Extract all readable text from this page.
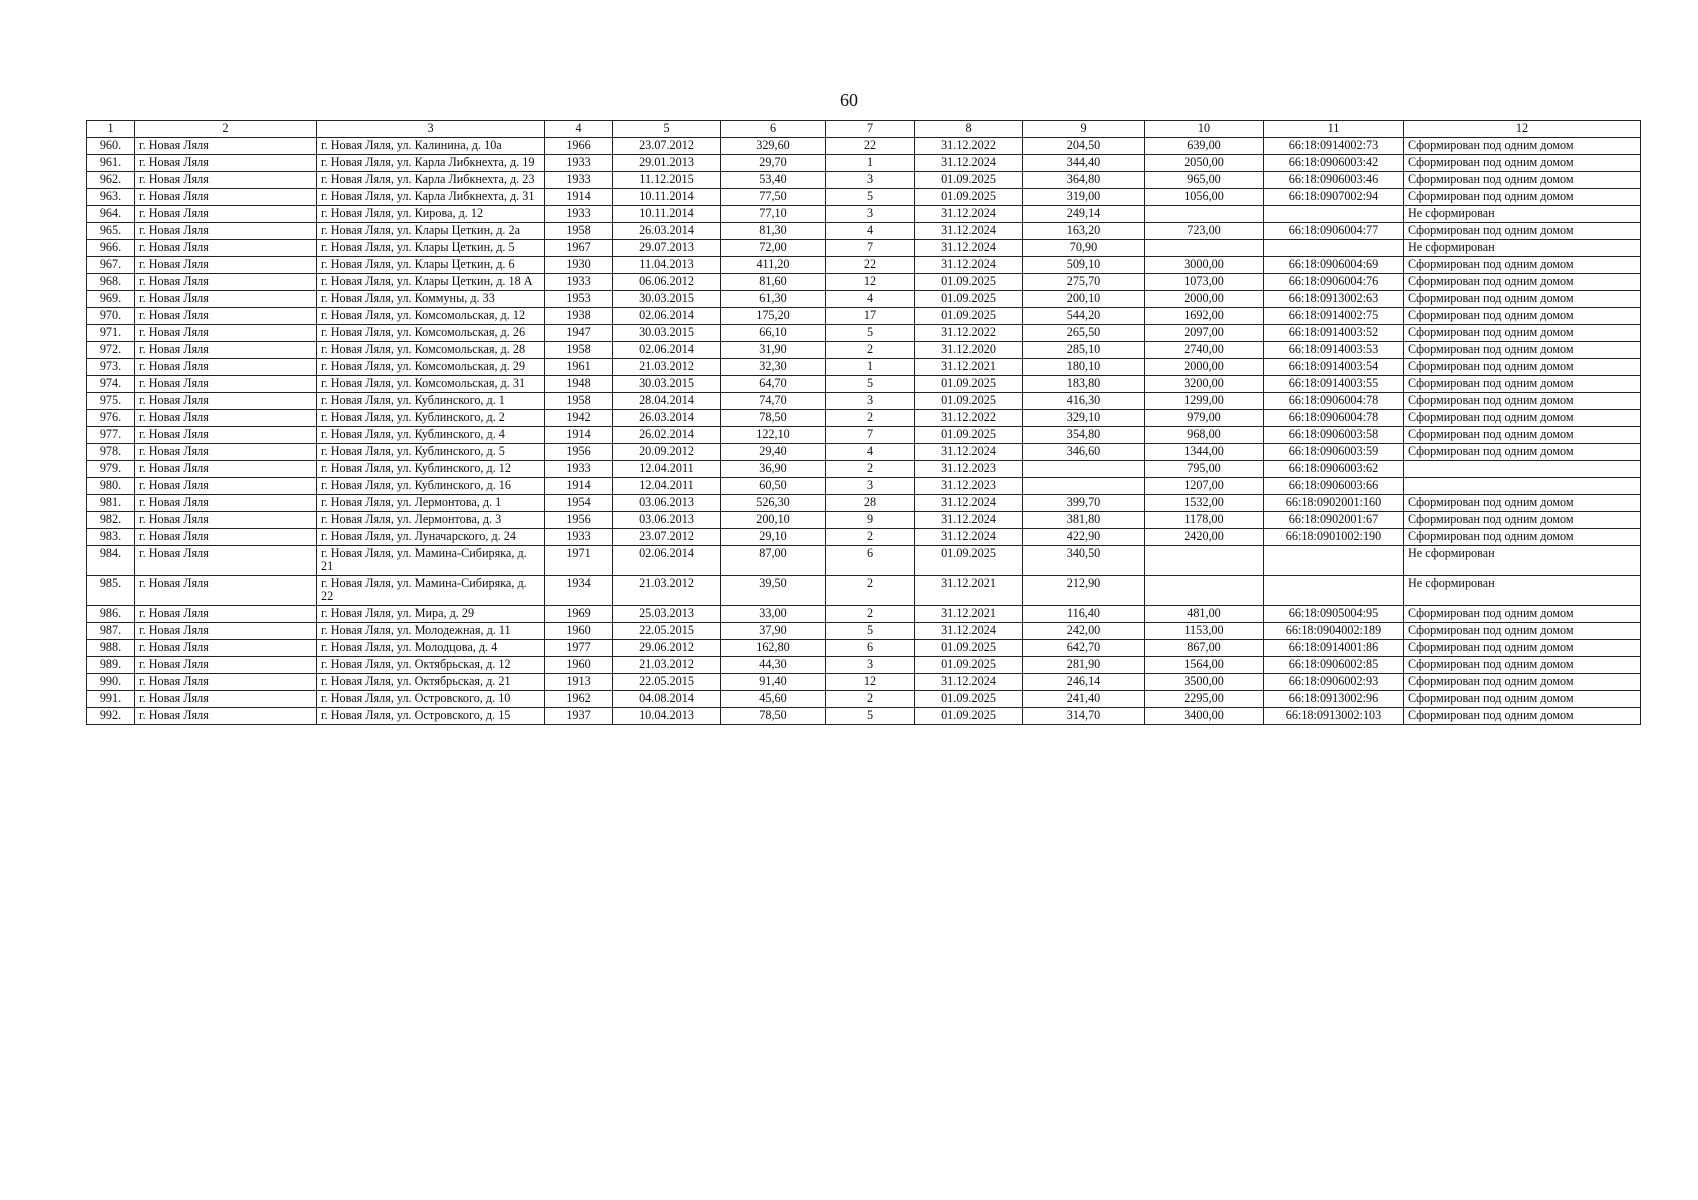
60
1	2	3	4	5	6	7	8	9	10	11	12
960.	г. Новая Ляля	г. Новая Ляля, ул. Калинина, д. 10а	1966	23.07.2012	329,60	22	31.12.2022	204,50	639,00	66:18:0914002:73	Сформирован под одним домом
961.	г. Новая Ляля	г. Новая Ляля, ул. Карла Либкнехта, д. 19	1933	29.01.2013	29,70	1	31.12.2024	344,40	2050,00	66:18:0906003:42	Сформирован под одним домом
962.	г. Новая Ляля	г. Новая Ляля, ул. Карла Либкнехта, д. 23	1933	11.12.2015	53,40	3	01.09.2025	364,80	965,00	66:18:0906003:46	Сформирован под одним домом
963.	г. Новая Ляля	г. Новая Ляля, ул. Карла Либкнехта, д. 31	1914	10.11.2014	77,50	5	01.09.2025	319,00	1056,00	66:18:0907002:94	Сформирован под одним домом
964.	г. Новая Ляля	г. Новая Ляля, ул. Кирова, д. 12	1933	10.11.2014	77,10	3	31.12.2024	249,14			Не сформирован
965.	г. Новая Ляля	г. Новая Ляля, ул. Клары Цеткин, д. 2а	1958	26.03.2014	81,30	4	31.12.2024	163,20	723,00	66:18:0906004:77	Сформирован под одним домом
966.	г. Новая Ляля	г. Новая Ляля, ул. Клары Цеткин, д. 5	1967	29.07.2013	72,00	7	31.12.2024	70,90			Не сформирован
967.	г. Новая Ляля	г. Новая Ляля, ул. Клары Цеткин, д. 6	1930	11.04.2013	411,20	22	31.12.2024	509,10	3000,00	66:18:0906004:69	Сформирован под одним домом
968.	г. Новая Ляля	г. Новая Ляля, ул. Клары Цеткин, д. 18 А	1933	06.06.2012	81,60	12	01.09.2025	275,70	1073,00	66:18:0906004:76	Сформирован под одним домом
969.	г. Новая Ляля	г. Новая Ляля, ул. Коммуны, д. 33	1953	30.03.2015	61,30	4	01.09.2025	200,10	2000,00	66:18:0913002:63	Сформирован под одним домом
970.	г. Новая Ляля	г. Новая Ляля, ул. Комсомольская, д. 12	1938	02.06.2014	175,20	17	01.09.2025	544,20	1692,00	66:18:0914002:75	Сформирован под одним домом
971.	г. Новая Ляля	г. Новая Ляля, ул. Комсомольская, д. 26	1947	30.03.2015	66,10	5	31.12.2022	265,50	2097,00	66:18:0914003:52	Сформирован под одним домом
972.	г. Новая Ляля	г. Новая Ляля, ул. Комсомольская, д. 28	1958	02.06.2014	31,90	2	31.12.2020	285,10	2740,00	66:18:0914003:53	Сформирован под одним домом
973.	г. Новая Ляля	г. Новая Ляля, ул. Комсомольская, д. 29	1961	21.03.2012	32,30	1	31.12.2021	180,10	2000,00	66:18:0914003:54	Сформирован под одним домом
974.	г. Новая Ляля	г. Новая Ляля, ул. Комсомольская, д. 31	1948	30.03.2015	64,70	5	01.09.2025	183,80	3200,00	66:18:0914003:55	Сформирован под одним домом
975.	г. Новая Ляля	г. Новая Ляля, ул. Кублинского, д. 1	1958	28.04.2014	74,70	3	01.09.2025	416,30	1299,00	66:18:0906004:78	Сформирован под одним домом
976.	г. Новая Ляля	г. Новая Ляля, ул. Кублинского, д. 2	1942	26.03.2014	78,50	2	31.12.2022	329,10	979,00	66:18:0906004:78	Сформирован под одним домом
977.	г. Новая Ляля	г. Новая Ляля, ул. Кублинского, д. 4	1914	26.02.2014	122,10	7	01.09.2025	354,80	968,00	66:18:0906003:58	Сформирован под одним домом
978.	г. Новая Ляля	г. Новая Ляля, ул. Кублинского, д. 5	1956	20.09.2012	29,40	4	31.12.2024	346,60	1344,00	66:18:0906003:59	Сформирован под одним домом
979.	г. Новая Ляля	г. Новая Ляля, ул. Кублинского, д. 12	1933	12.04.2011	36,90	2	31.12.2023		795,00	66:18:0906003:62	
980.	г. Новая Ляля	г. Новая Ляля, ул. Кублинского, д. 16	1914	12.04.2011	60,50	3	31.12.2023		1207,00	66:18:0906003:66	
981.	г. Новая Ляля	г. Новая Ляля, ул. Лермонтова, д. 1	1954	03.06.2013	526,30	28	31.12.2024	399,70	1532,00	66:18:0902001:160	Сформирован под одним домом
982.	г. Новая Ляля	г. Новая Ляля, ул. Лермонтова, д. 3	1956	03.06.2013	200,10	9	31.12.2024	381,80	1178,00	66:18:0902001:67	Сформирован под одним домом
983.	г. Новая Ляля	г. Новая Ляля, ул. Луначарского, д. 24	1933	23.07.2012	29,10	2	31.12.2024	422,90	2420,00	66:18:0901002:190	Сформирован под одним домом
984.	г. Новая Ляля	г. Новая Ляля, ул. Мамина-Сибиряка, д. 21	1971	02.06.2014	87,00	6	01.09.2025	340,50			Не сформирован
985.	г. Новая Ляля	г. Новая Ляля, ул. Мамина-Сибиряка, д. 22	1934	21.03.2012	39,50	2	31.12.2021	212,90			Не сформирован
986.	г. Новая Ляля	г. Новая Ляля, ул. Мира, д. 29	1969	25.03.2013	33,00	2	31.12.2021	116,40	481,00	66:18:0905004:95	Сформирован под одним домом
987.	г. Новая Ляля	г. Новая Ляля, ул. Молодежная, д. 11	1960	22.05.2015	37,90	5	31.12.2024	242,00	1153,00	66:18:0904002:189	Сформирован под одним домом
988.	г. Новая Ляля	г. Новая Ляля, ул. Молодцова, д. 4	1977	29.06.2012	162,80	6	01.09.2025	642,70	867,00	66:18:0914001:86	Сформирован под одним домом
989.	г. Новая Ляля	г. Новая Ляля, ул. Октябрьская, д. 12	1960	21.03.2012	44,30	3	01.09.2025	281,90	1564,00	66:18:0906002:85	Сформирован под одним домом
990.	г. Новая Ляля	г. Новая Ляля, ул. Октябрьская, д. 21	1913	22.05.2015	91,40	12	31.12.2024	246,14	3500,00	66:18:0906002:93	Сформирован под одним домом
991.	г. Новая Ляля	г. Новая Ляля, ул. Островского, д. 10	1962	04.08.2014	45,60	2	01.09.2025	241,40	2295,00	66:18:0913002:96	Сформирован под одним домом
992.	г. Новая Ляля	г. Новая Ляля, ул. Островского, д. 15	1937	10.04.2013	78,50	5	01.09.2025	314,70	3400,00	66:18:0913002:103	Сформирован под одним домом
